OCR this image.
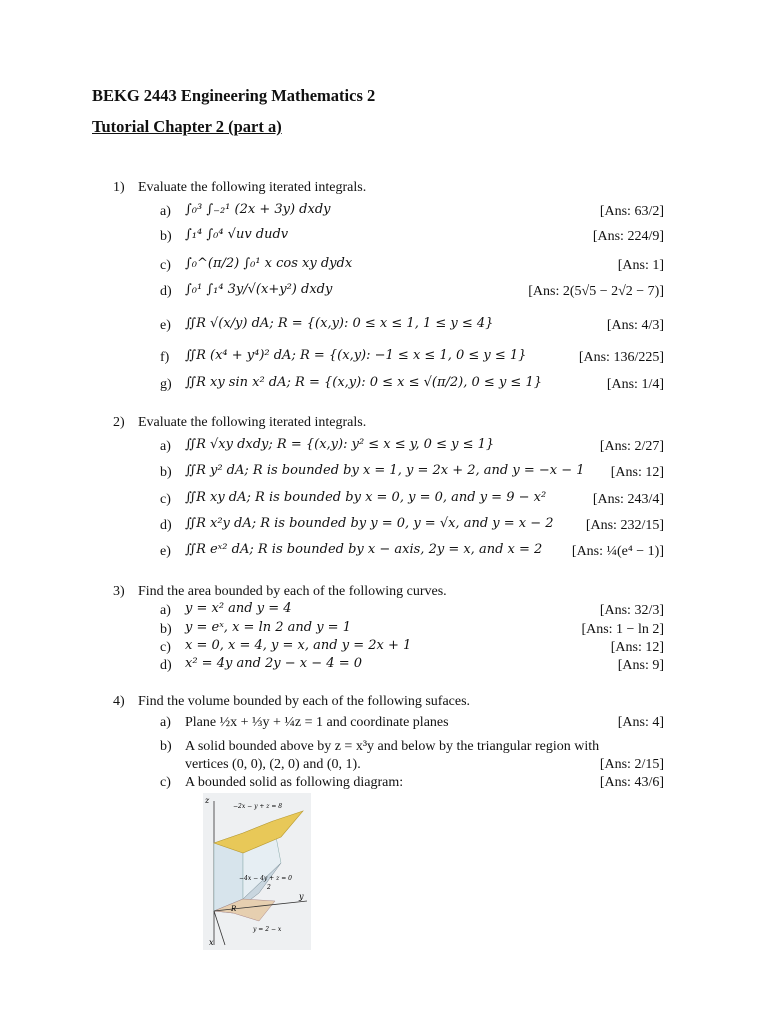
BEKG 2443 Engineering Mathematics 2
Tutorial Chapter 2 (part a)
1) Evaluate the following iterated integrals.
a) ∫₀³ ∫₋₂¹ (2x + 3y) dxdy	[Ans: 63/2]
b) ∫₁⁴ ∫₀⁴ √uv dudv	[Ans: 224/9]
c) ∫₀^(π/2) ∫₀¹ x cos xy dydx	[Ans: 1]
d) ∫₀¹ ∫₁⁴ 3y/√(x+y²) dxdy	[Ans: 2(5√5 − 2√2 − 7)]
e) ∬R √(x/y) dA; R = {(x,y): 0 ≤ x ≤ 1, 1 ≤ y ≤ 4}	[Ans: 4/3]
f) ∬R (x⁴ + y⁴)² dA; R = {(x,y): −1 ≤ x ≤ 1, 0 ≤ y ≤ 1}	[Ans: 136/225]
g) ∬R xy sin x² dA; R = {(x,y): 0 ≤ x ≤ √(π/2), 0 ≤ y ≤ 1}	[Ans: 1/4]
2) Evaluate the following iterated integrals.
a) ∬R √xy dxdy; R = {(x,y): y² ≤ x ≤ y, 0 ≤ y ≤ 1}	[Ans: 2/27]
b) ∬R y² dA; R is bounded by x = 1, y = 2x + 2, and y = −x − 1 [Ans: 12]
c) ∬R xy dA; R is bounded by x = 0, y = 0, and y = 9 − x²	[Ans: 243/4]
d) ∬R x²y dA; R is bounded by y = 0, y = √x, and y = x − 2 [Ans: 232/15]
e) ∬R eˣ² dA; R is bounded by x − axis, 2y = x, and x = 2 [Ans: ¼(e⁴ − 1)]
3) Find the area bounded by each of the following curves.
a) y = x² and y = 4	[Ans: 32/3]
b) y = eˣ, x = ln 2 and y = 1	[Ans: 1 − ln 2]
c) x = 0, x = 4, y = x, and y = 2x + 1	[Ans: 12]
d) x² = 4y and 2y − x − 4 = 0	[Ans: 9]
4) Find the volume bounded by each of the following sufaces.
a) Plane ½x + ⅓y + ¼z = 1 and coordinate planes	[Ans: 4]
b) A solid bounded above by z = x³y and below by the triangular region with
vertices (0, 0), (2, 0) and (0, 1).	[Ans: 2/15]
c) A bounded solid as following diagram:	[Ans: 43/6]
z
y
x
−2x − y + z = 8
−4x − 4y + z = 0
2
R
y = 2 − x
